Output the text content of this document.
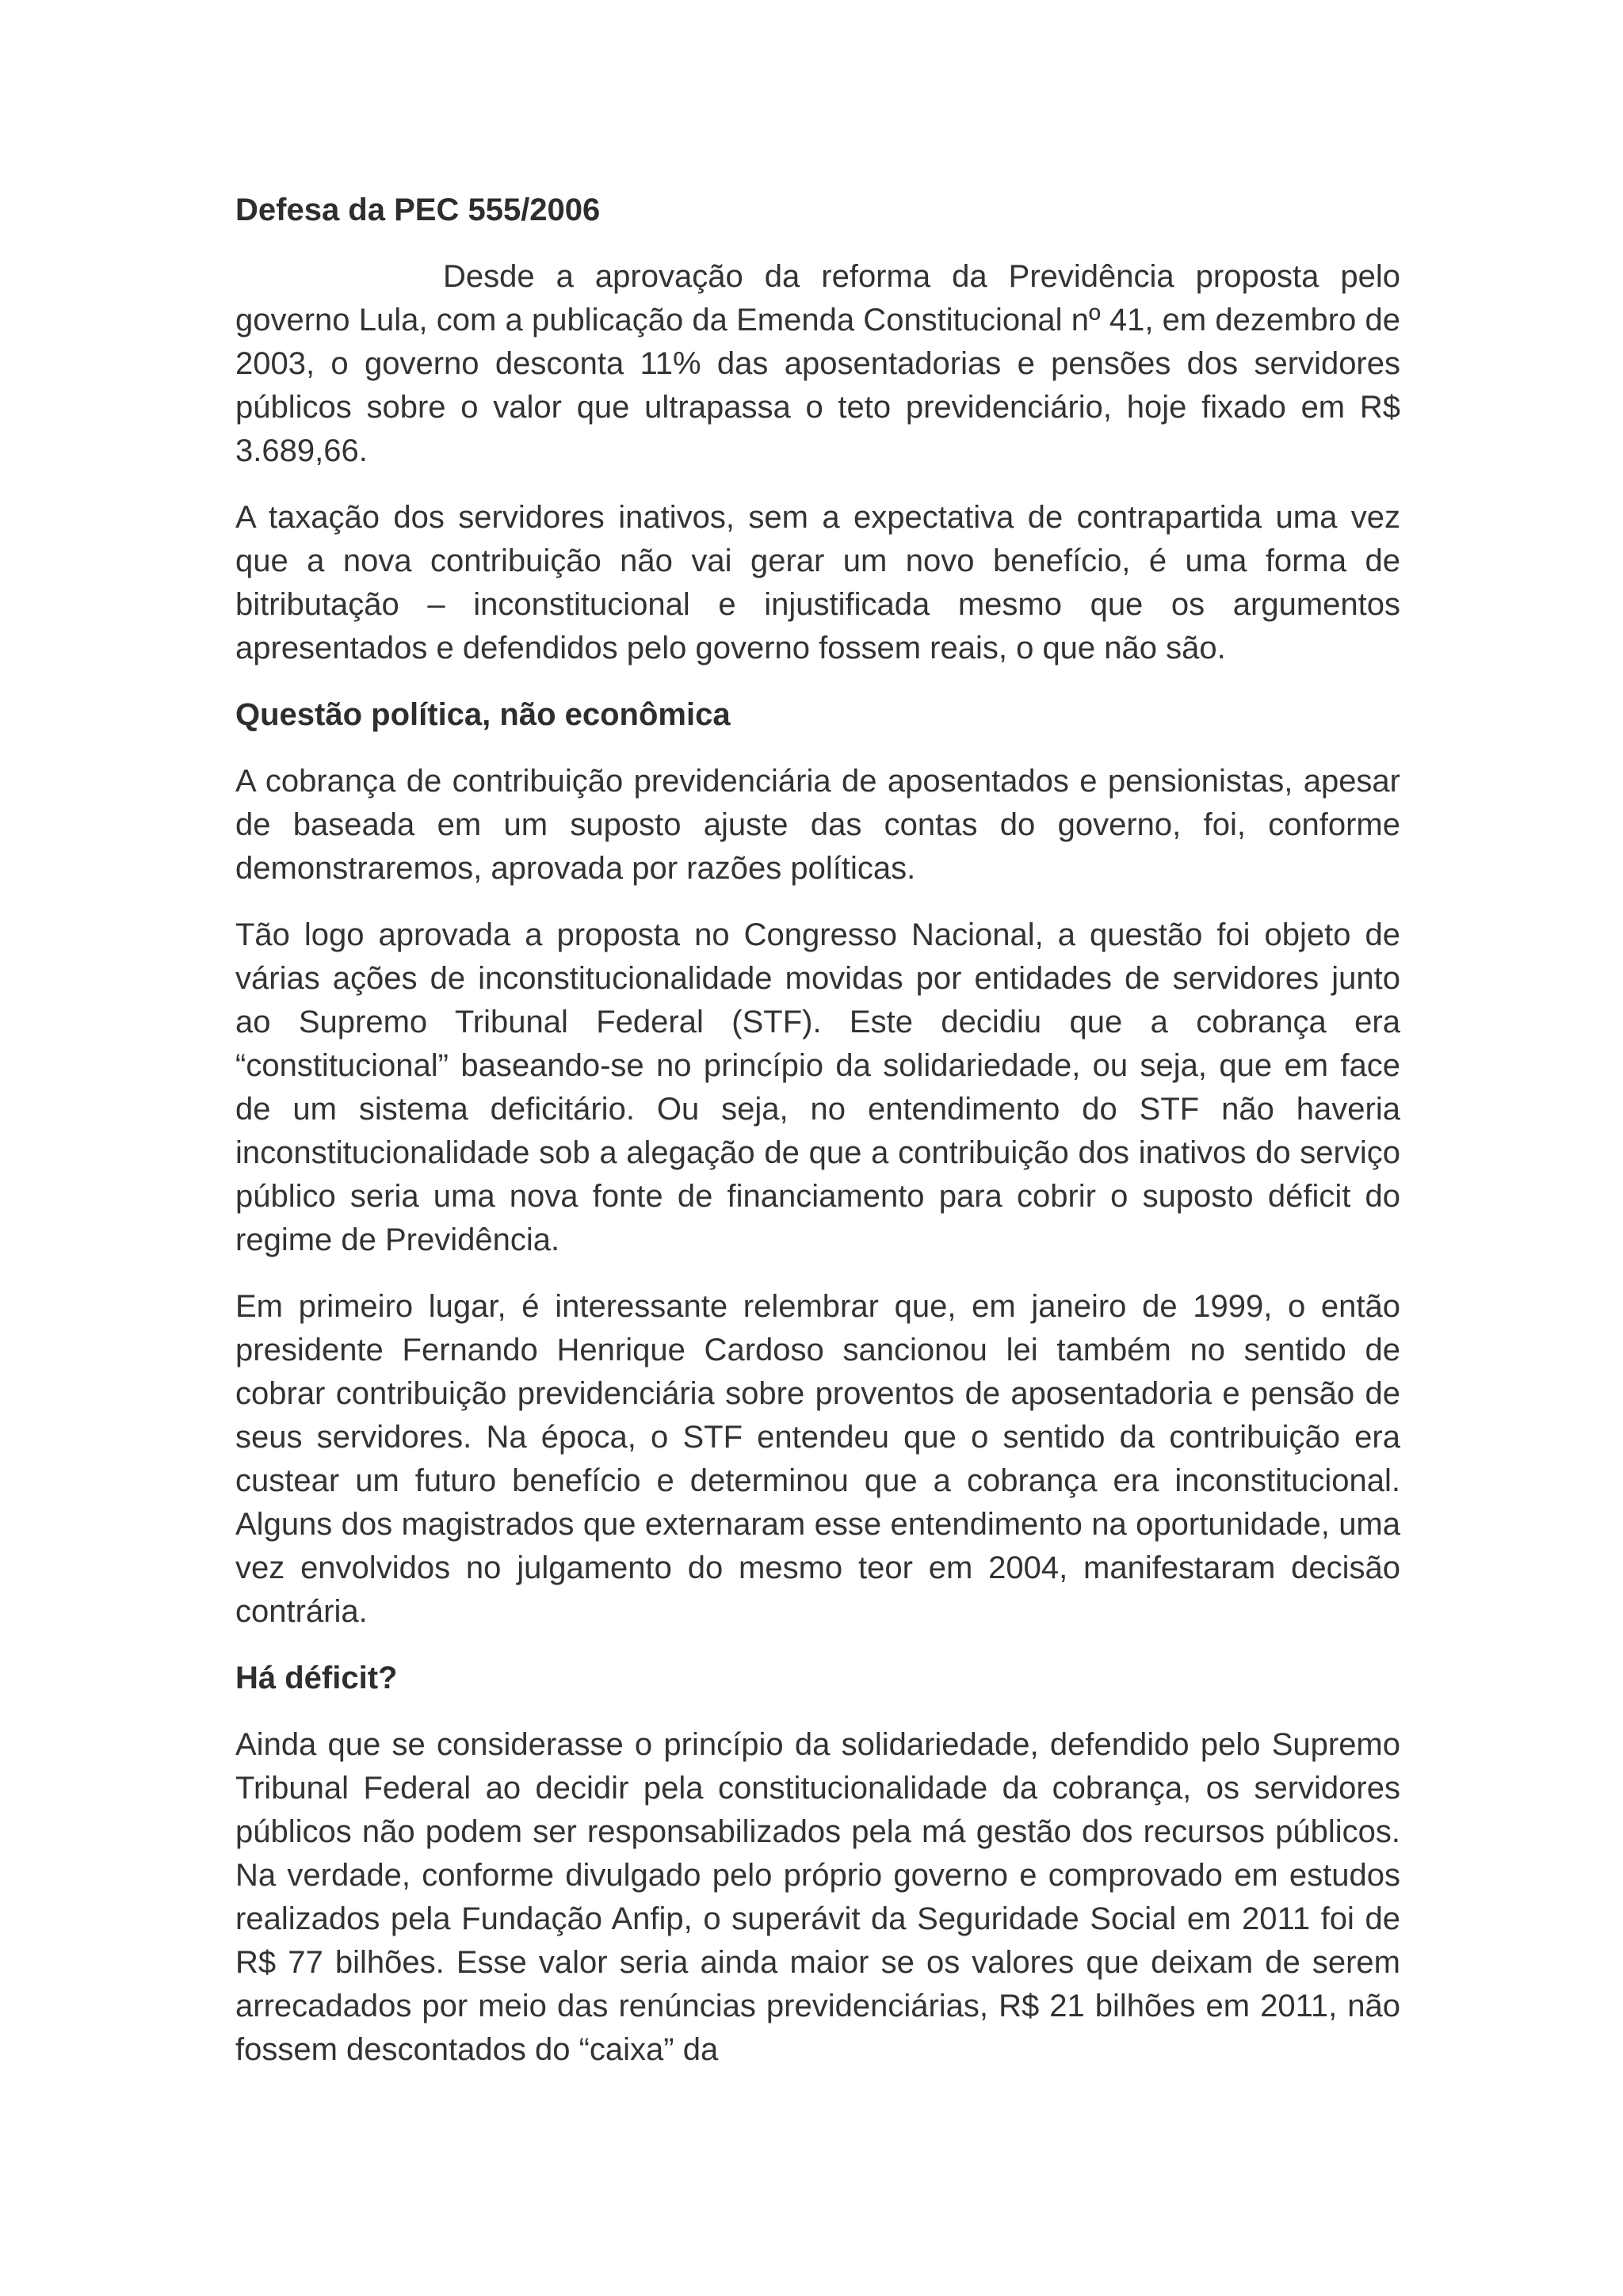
Defesa da PEC 555/2006

Desde a aprovação da reforma da Previdência proposta pelo governo Lula, com a publicação da Emenda Constitucional nº 41, em dezembro de 2003, o governo desconta 11% das aposentadorias e pensões dos servidores públicos sobre o valor que ultrapassa o teto previdenciário, hoje fixado em R$ 3.689,66.

A taxação dos servidores inativos, sem a expectativa de contrapartida uma vez que a nova contribuição não vai gerar um novo benefício, é uma forma de bitributação – inconstitucional e injustificada mesmo que os argumentos apresentados e defendidos pelo governo fossem reais, o que não são.

Questão política, não econômica

A cobrança de contribuição previdenciária de aposentados e pensionistas, apesar de baseada em um suposto ajuste das contas do governo, foi, conforme demonstraremos, aprovada por razões políticas.

Tão logo aprovada a proposta no Congresso Nacional, a questão foi objeto de várias ações de inconstitucionalidade movidas por entidades de servidores junto ao Supremo Tribunal Federal (STF). Este decidiu que a cobrança era “constitucional” baseando-se no princípio da solidariedade, ou seja, que em face de um sistema deficitário. Ou seja, no entendimento do STF não haveria inconstitucionalidade sob a alegação de que a contribuição dos inativos do serviço público seria uma nova fonte de financiamento para cobrir o suposto déficit do regime de Previdência.

Em primeiro lugar, é interessante relembrar que, em janeiro de 1999, o então presidente Fernando Henrique Cardoso sancionou lei também no sentido de cobrar contribuição previdenciária sobre proventos de aposentadoria e pensão de seus servidores. Na época, o STF entendeu que o sentido da contribuição era custear um futuro benefício e determinou que a cobrança era inconstitucional. Alguns dos magistrados que externaram esse entendimento na oportunidade, uma vez envolvidos no julgamento do mesmo teor em 2004, manifestaram decisão contrária.

Há déficit?

Ainda que se considerasse o princípio da solidariedade, defendido pelo Supremo Tribunal Federal ao decidir pela constitucionalidade da cobrança, os servidores públicos não podem ser responsabilizados pela má gestão dos recursos públicos. Na verdade, conforme divulgado pelo próprio governo e comprovado em estudos realizados pela Fundação Anfip, o superávit da Seguridade Social em 2011 foi de R$ 77 bilhões. Esse valor seria ainda maior se os valores que deixam de serem arrecadados por meio das renúncias previdenciárias, R$ 21 bilhões em 2011, não fossem descontados do “caixa” da
